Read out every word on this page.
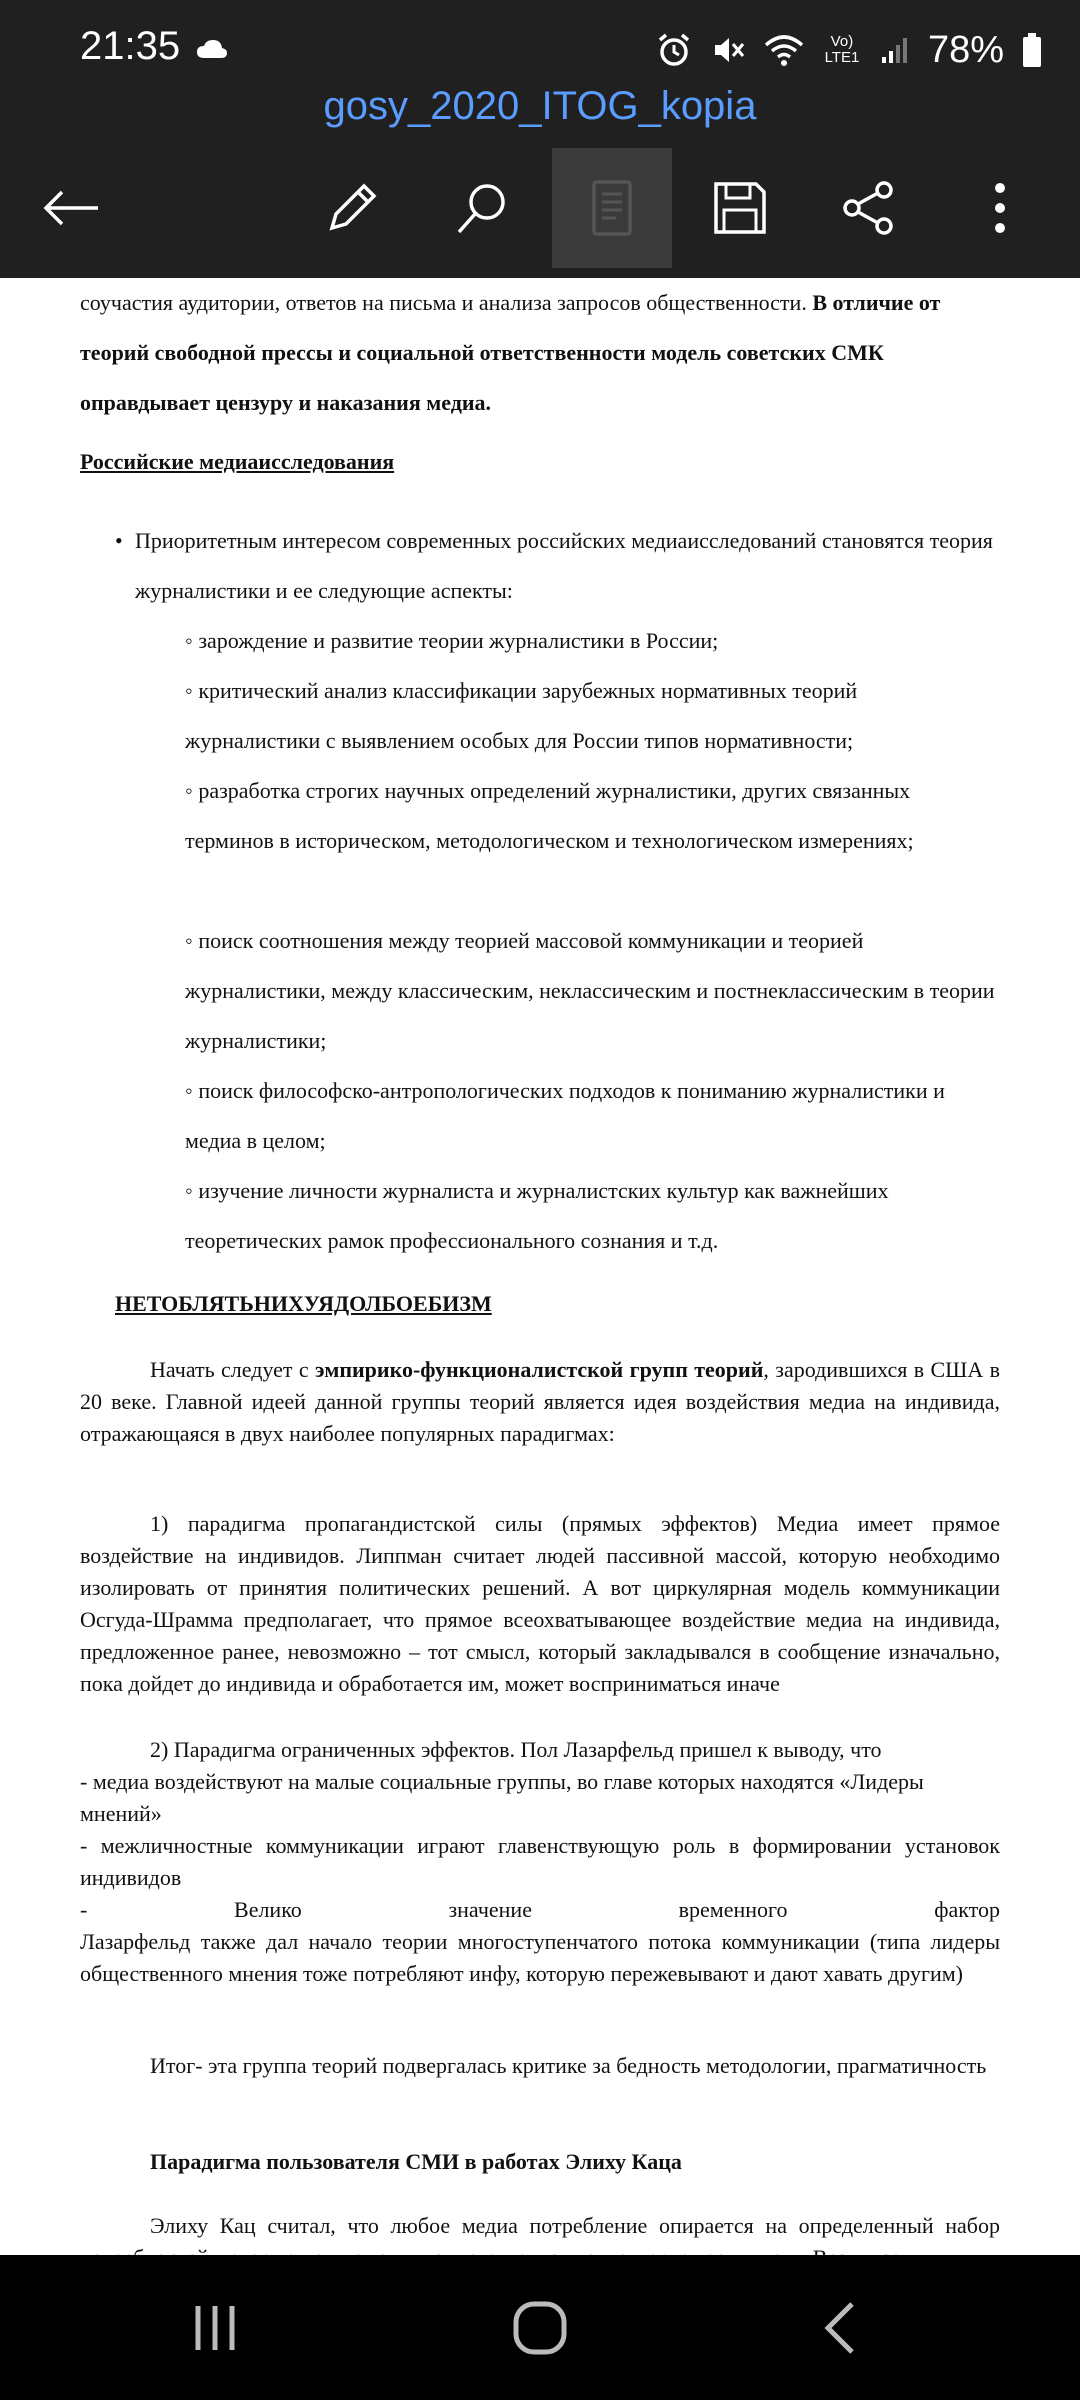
21:35	Vo) LTE1 78%
gosy_2020_ITOG_kopia
соучастия аудитории, ответов на письма и анализа запросов общественности. В отличие от теорий свободной прессы и социальной ответственности модель советских СМК оправдывает цензуру и наказания медиа.
Российские медиаисследования
• Приоритетным интересом современных российских медиаисследований становятся теория журналистики и ее следующие аспекты:
◦ зарождение и развитие теории журналистики в России;
◦ критический анализ классификации зарубежных нормативных теорий журналистики с выявлением особых для России типов нормативности;
◦ разработка строгих научных определений журналистики, других связанных терминов в историческом, методологическом и технологическом измерениях;
◦ поиск соотношения между теорией массовой коммуникации и теорией журналистики, между классическим, неклассическим и постнеклассическим в теории журналистики;
◦ поиск философско-антропологических подходов к пониманию журналистики и медиа в целом;
◦ изучение личности журналиста и журналистских культур как важнейших теоретических рамок профессионального сознания и т.д.
НЕТОБЛЯТЬНИХУЯДОЛБОЕБИЗМ
Начать следует с эмпирико-функционалистской групп теорий, зародившихся в США в 20 веке. Главной идеей данной группы теорий является идея воздействия медиа на индивида, отражающаяся в двух наиболее популярных парадигмах:
1) парадигма пропагандистской силы (прямых эффектов) Медиа имеет прямое воздействие на индивидов. Липпман считает людей пассивной массой, которую необходимо изолировать от принятия политических решений. А вот циркулярная модель коммуникации Осгуда-Шрамма предполагает, что прямое всеохватывающее воздействие медиа на индивида, предложенное ранее, невозможно – тот смысл, который закладывался в сообщение изначально, пока дойдет до индивида и обработается им, может восприниматься иначе
2) Парадигма ограниченных эффектов. Пол Лазарфельд пришел к выводу, что
- медиа воздействуют на малые социальные группы, во главе которых находятся «Лидеры мнений»
- межличностные коммуникации играют главенствующую роль в формировании установок индивидов
-	Велико	значение	временного	фактор
Лазарфельд также дал начало теории многоступенчатого потока коммуникации (типа лидеры общественного мнения тоже потребляют инфу, которую пережевывают и дают хавать другим)
Итог- эта группа теорий подвергалась критике за бедность методологии, прагматичность
Парадигма пользователя СМИ в работах Элиху Каца
Элиху Кац считал, что любое медиа потребление опирается на определенный набор
